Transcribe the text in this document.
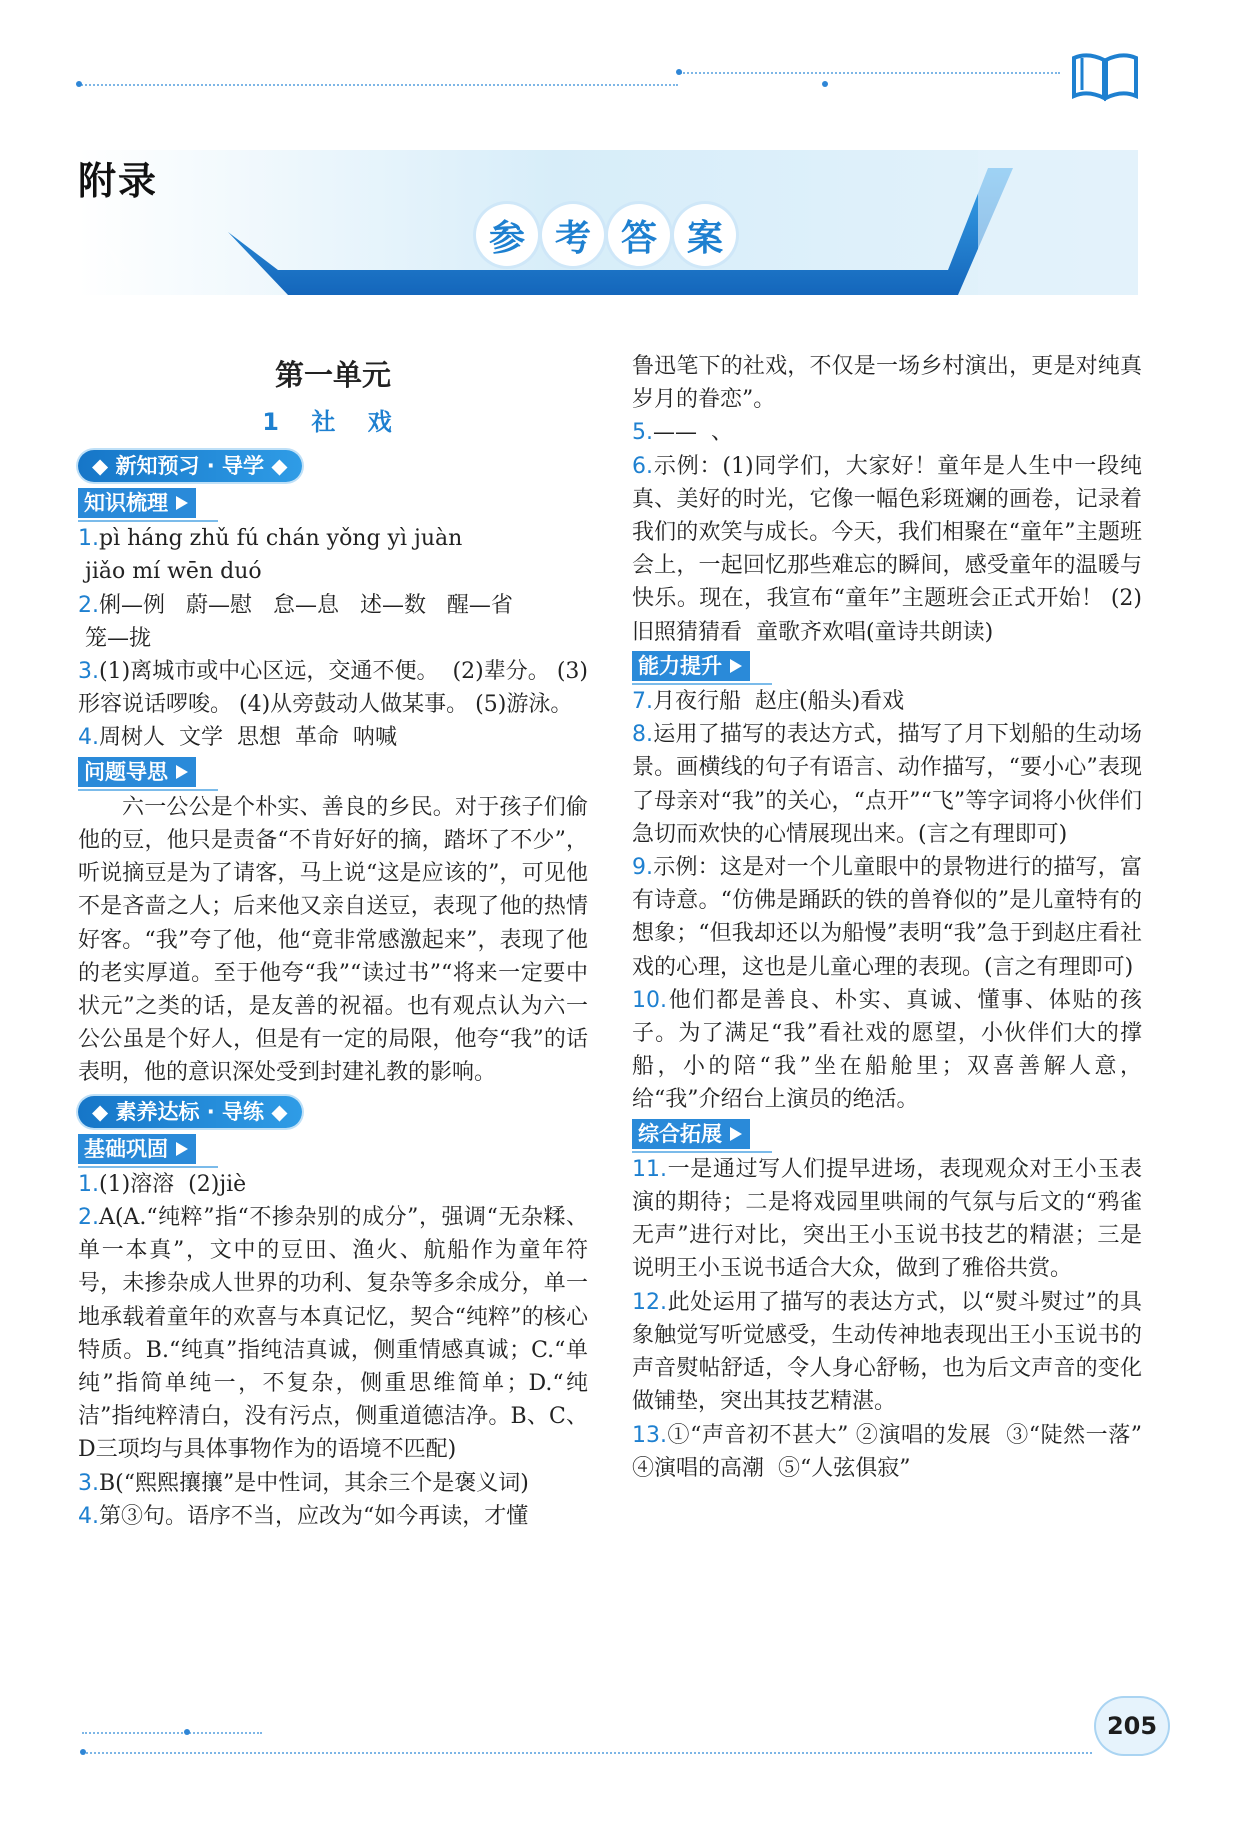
附录
参 考 答 案
第一单元
1 社 戏
◆ 新知预习 · 导学 ◆
知识梳理

1.pì háng zhǔ fú chán yǒng yì juàn
jiǎo mí wēn duó

2.俐—例   蔚—慰   怠—息   述—数   醒—省
笼—拢

3.(1)离城市或中心区远，交通不便。  (2)辈分。 (3)形容说话啰唆。 (4)从旁鼓动人做某事。 (5)游泳。

4.周树人  文学  思想  革命  呐喊

问题导思

六一公公是个朴实、善良的乡民。对于孩子们偷他的豆，他只是责备“不肯好好的摘，踏坏了不少”，听说摘豆是为了请客，马上说“这是应该的”，可见他不是吝啬之人；后来他又亲自送豆，表现了他的热情好客。“我”夸了他，他“竟非常感激起来”，表现了他的老实厚道。至于他夸“我”“读过书”“将来一定要中状元”之类的话，是友善的祝福。也有观点认为六一公公虽是个好人，但是有一定的局限，他夸“我”的话表明，他的意识深处受到封建礼教的影响。

◆ 素养达标 · 导练 ◆
基础巩固

1.(1)溶溶  (2)jiè

2.A(A.“纯粹”指“不掺杂别的成分”，强调“无杂糅、单一本真”，文中的豆田、渔火、航船作为童年符号，未掺杂成人世界的功利、复杂等多余成分，单一地承载着童年的欢喜与本真记忆，契合“纯粹”的核心特质。B.“纯真”指纯洁真诚，侧重情感真诚；C.“单纯”指简单纯一，不复杂，侧重思维简单；D.“纯洁”指纯粹清白，没有污点，侧重道德洁净。B、C、D三项均与具体事物作为的语境不匹配)

3.B(“熙熙攘攘”是中性词，其余三个是褒义词)

4.第③句。语序不当，应改为“如今再读，才懂

鲁迅笔下的社戏，不仅是一场乡村演出，更是对纯真岁月的眷恋”。

5.——  、

6.示例：(1)同学们，大家好！童年是人生中一段纯真、美好的时光，它像一幅色彩斑斓的画卷，记录着我们的欢笑与成长。今天，我们相聚在“童年”主题班会上，一起回忆那些难忘的瞬间，感受童年的温暖与快乐。现在，我宣布“童年”主题班会正式开始！ (2)旧照猜猜看  童歌齐欢唱(童诗共朗读)

能力提升

7.月夜行船  赵庄(船头)看戏

8.运用了描写的表达方式，描写了月下划船的生动场景。画横线的句子有语言、动作描写，“要小心”表现了母亲对“我”的关心，“点开”“飞”等字词将小伙伴们急切而欢快的心情展现出来。(言之有理即可)

9.示例：这是对一个儿童眼中的景物进行的描写，富有诗意。“仿佛是踊跃的铁的兽脊似的”是儿童特有的想象；“但我却还以为船慢”表明“我”急于到赵庄看社戏的心理，这也是儿童心理的表现。(言之有理即可)

10.他们都是善良、朴实、真诚、懂事、体贴的孩子。为了满足“我”看社戏的愿望，小伙伴们大的撑船，小的陪“我”坐在船舱里；双喜善解人意，给“我”介绍台上演员的绝活。

综合拓展

11.一是通过写人们提早进场，表现观众对王小玉表演的期待；二是将戏园里哄闹的气氛与后文的“鸦雀无声”进行对比，突出王小玉说书技艺的精湛；三是说明王小玉说书适合大众，做到了雅俗共赏。

12.此处运用了描写的表达方式，以“熨斗熨过”的具象触觉写听觉感受，生动传神地表现出王小玉说书的声音熨帖舒适，令人身心舒畅，也为后文声音的变化做铺垫，突出其技艺精湛。

13.①“声音初不甚大” ②演唱的发展  ③“陡然一落”  ④演唱的高潮  ⑤“人弦俱寂”

205
